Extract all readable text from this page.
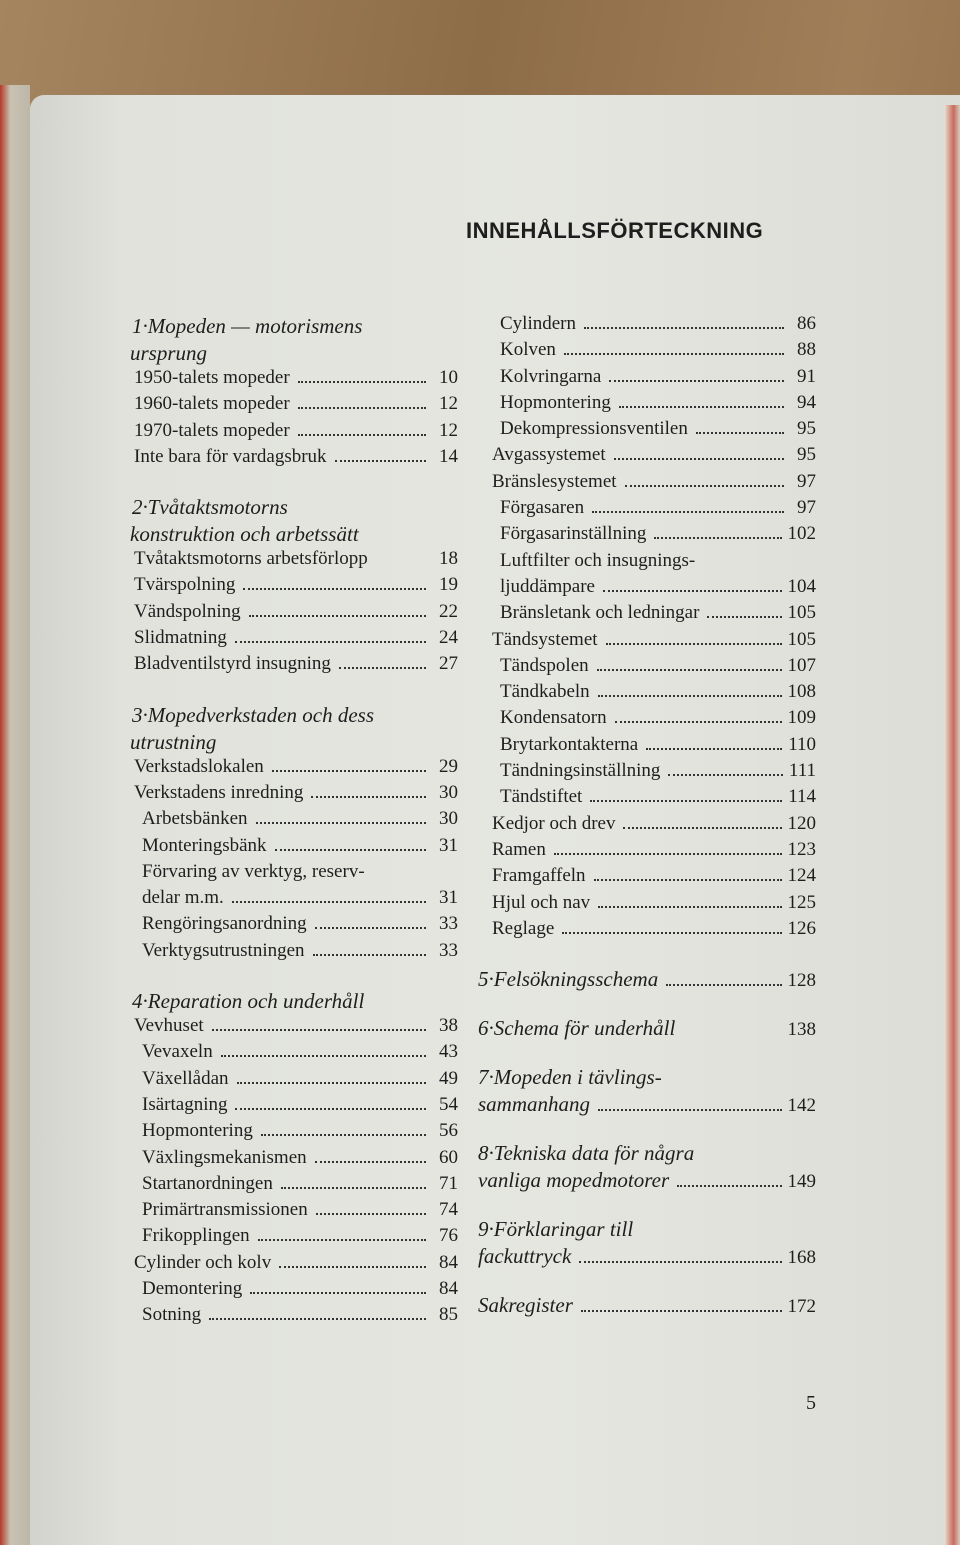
INNEHÅLLSFÖRTECKNING
1·Mopeden — motorismens
ursprung
1950-talets mopeder	10
1960-talets mopeder	12
1970-talets mopeder	12
Inte bara för vardagsbruk	14
2·Tvåtaktsmotorns
konstruktion och arbetssätt
Tvåtaktsmotorns arbetsförlopp	18
Tvärspolning	19
Vändspolning	22
Slidmatning	24
Bladventilstyrd insugning	27
3·Mopedverkstaden och dess
utrustning
Verkstadslokalen	29
Verkstadens inredning	30
Arbetsbänken	30
Monteringsbänk	31
Förvaring av verktyg, reserv-
delar m.m.	31
Rengöringsanordning	33
Verktygsutrustningen	33
4·Reparation och underhåll
Vevhuset	38
Vevaxeln	43
Växellådan	49
Isärtagning	54
Hopmontering	56
Växlingsmekanismen	60
Startanordningen	71
Primärtransmissionen	74
Frikopplingen	76
Cylinder och kolv	84
Demontering	84
Sotning	85
Cylindern	86
Kolven	88
Kolvringarna	91
Hopmontering	94
Dekompressionsventilen	95
Avgassystemet	95
Bränslesystemet	97
Förgasaren	97
Förgasarinställning	102
Luftfilter och insugnings-
ljuddämpare	104
Bränsletank och ledningar	105
Tändsystemet	105
Tändspolen	107
Tändkabeln	108
Kondensatorn	109
Brytarkontakterna	110
Tändningsinställning	111
Tändstiftet	114
Kedjor och drev	120
Ramen	123
Framgaffeln	124
Hjul och nav	125
Reglage	126
5·Felsökningsschema	128
6·Schema för underhåll	138
7·Mopeden i tävlings-
sammanhang	142
8·Tekniska data för några
vanliga mopedmotorer	149
9·Förklaringar till
fackuttryck	168
Sakregister	172
5
